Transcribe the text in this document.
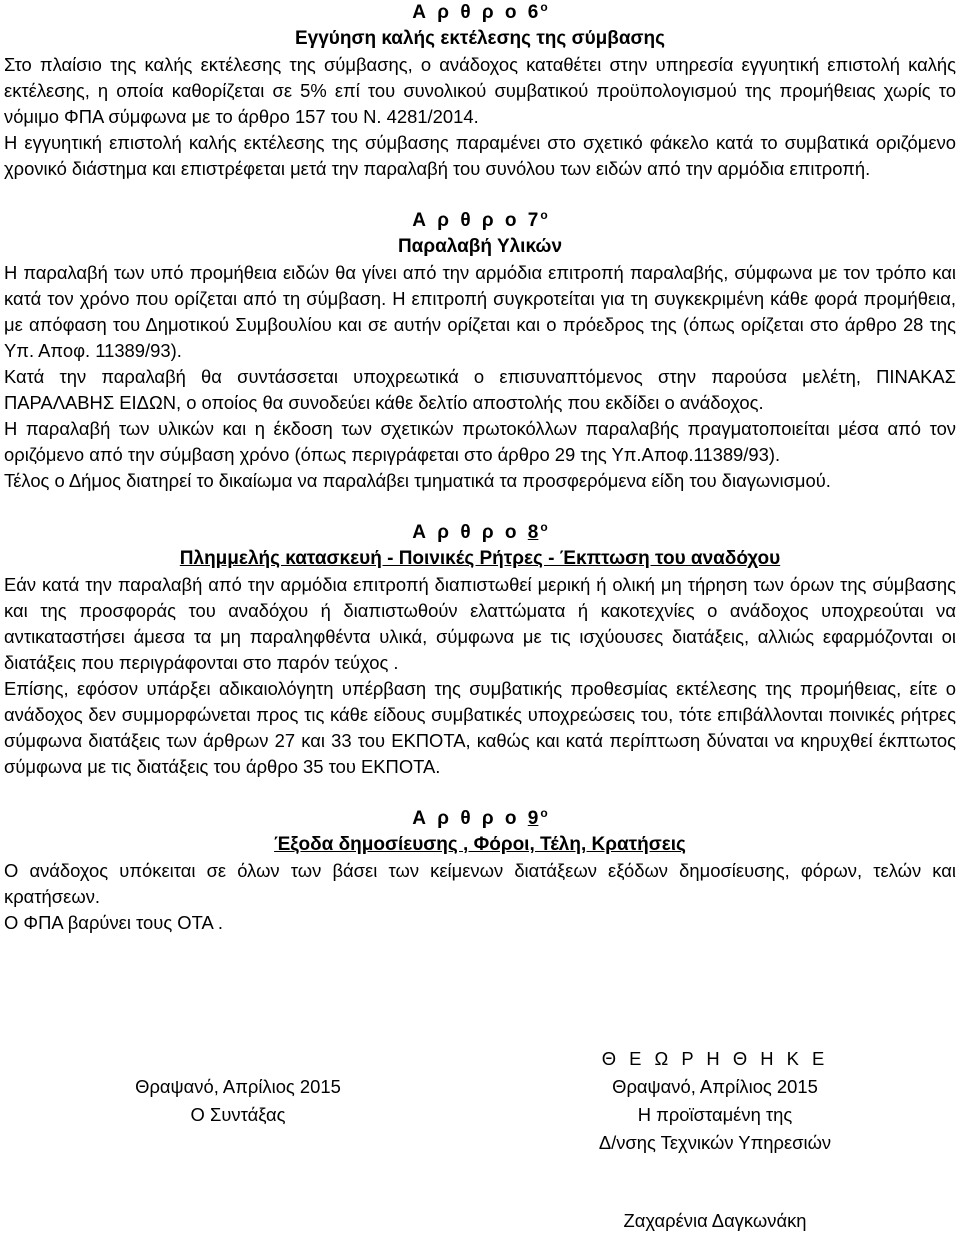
Α ρ θ ρ ο 6 $^o$

Εγγύηση καλής εκτέλεσης της σύμβασης

Στο πλαίσιο της καλής εκτέλεσης της σύμβασης, ο ανάδοχος καταθέτει στην υπηρεσία εγγυητική επιστολή καλής εκτέλεσης, η οποία καθορίζεται σε 5% επί του συνολικού συμβατικού προϋπολογισμού της προμήθειας χωρίς το νόμιμο ΦΠΑ σύμφωνα με το άρθρο 157 του Ν. 4281/2014.

Η εγγυητική επιστολή καλής εκτέλεσης της σύμβασης παραμένει στο σχετικό φάκελο κατά το συμβατικά οριζόμενο χρονικό διάστημα και επιστρέφεται μετά την παραλαβή του συνόλου των ειδών από την αρμόδια επιτροπή.

Α ρ θ ρ ο 7 $^o$

Παραλαβή Υλικών

Η παραλαβή των υπό προμήθεια ειδών θα γίνει από την αρμόδια επιτροπή παραλαβής, σύμφωνα με τον τρόπο και κατά τον χρόνο που ορίζεται από τη σύμβαση. Η επιτροπή συγκροτείται για τη συγκεκριμένη κάθε φορά προμήθεια, με απόφαση του Δημοτικού Συμβουλίου και σε αυτήν ορίζεται και ο πρόεδρος της (όπως ορίζεται στο άρθρο 28 της Υπ. Αποφ. 11389/93).

Κατά την παραλαβή θα συντάσσεται υποχρεωτικά ο επισυναπτόμενος στην παρούσα μελέτη, ΠΙΝΑΚΑΣ ΠΑΡΑΛΑΒΗΣ ΕΙΔΩΝ, ο οποίος θα συνοδεύει κάθε δελτίο αποστολής που εκδίδει ο ανάδοχος.

Η παραλαβή των υλικών και η έκδοση των σχετικών πρωτοκόλλων παραλαβής πραγματοποιείται μέσα από τον οριζόμενο από την σύμβαση χρόνο (όπως περιγράφεται στο άρθρο 29 της Υπ.Αποφ.11389/93).

Τέλος ο Δήμος διατηρεί το δικαίωμα να παραλάβει τμηματικά τα προσφερόμενα είδη του διαγωνισμού.

Α ρ θ ρ ο 8 $^o$

Πλημμελής κατασκευή - Ποινικές Ρήτρες - Έκπτωση του αναδόχου

Εάν κατά την παραλαβή από την αρμόδια επιτροπή διαπιστωθεί μερική ή ολική μη τήρηση των όρων της σύμβασης και της προσφοράς του αναδόχου ή διαπιστωθούν ελαττώματα ή κακοτεχνίες ο ανάδοχος υποχρεούται να αντικαταστήσει άμεσα τα μη παραληφθέντα υλικά, σύμφωνα με τις ισχύουσες διατάξεις, αλλιώς εφαρμόζονται οι διατάξεις που περιγράφονται στο παρόν τεύχος .

Επίσης, εφόσον υπάρξει αδικαιολόγητη υπέρβαση της συμβατικής προθεσμίας εκτέλεσης της προμήθειας, είτε ο ανάδοχος δεν συμμορφώνεται προς τις κάθε είδους συμβατικές υποχρεώσεις του, τότε επιβάλλονται ποινικές ρήτρες σύμφωνα διατάξεις των άρθρων 27 και 33 του ΕΚΠΟΤΑ, καθώς και κατά περίπτωση δύναται να κηρυχθεί έκπτωτος σύμφωνα με τις διατάξεις του άρθρο 35 του ΕΚΠΟΤΑ.

Α ρ θ ρ ο 9 $^o$

Έξοδα δημοσίευσης , Φόροι, Τέλη, Κρατήσεις

Ο ανάδοχος υπόκειται σε όλων των βάσει των κείμενων διατάξεων εξόδων δημοσίευσης, φόρων, τελών και κρατήσεων.

Ο ΦΠΑ βαρύνει τους ΟΤΑ .

Θραψανό, Απρίλιος 2015
Ο Συντάξας
Θ Ε Ω Ρ Η Θ Η Κ Ε
Θραψανό, Απρίλιος 2015
Η προϊσταμένη της
Δ/νσης Τεχνικών Υπηρεσιών
Ζαχαρένια Δαγκωνάκη
